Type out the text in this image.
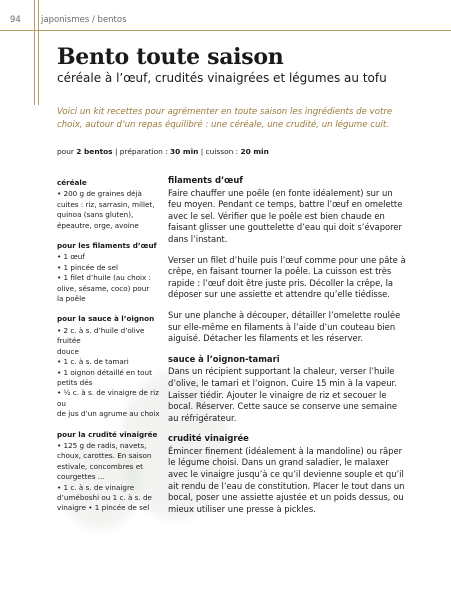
94 japonismes / bentos
Bento toute saison
céréale à l’œuf, crudités vinaigrées et légumes au tofu

Voici un kit recettes pour agrémenter en toute saison les ingrédients de votre choix, autour d’un repas équilibré : une céréale, une crudité, un légume cuit.

pour 2 bentos | préparation : 30 min | cuisson : 20 min
céréale
• 200 g de graines déjà
cuites : riz, sarrasin, millet,
quinoa (sans gluten),
épeautre, orge, avoine
pour les filaments d’œuf
• 1 œuf
• 1 pincée de sel
• 1 filet d’huile (au choix :
olive, sésame, coco) pour
la poêle
pour la sauce à l’oignon
• 2 c. à s. d’huile d’olive fruitée
douce
• 1 c. à s. de tamari
• 1 oignon détaillé en tout
petits dés
• ½ c. à s. de vinaigre de riz ou
de jus d’un agrume au choix
pour la crudité vinaigrée
• 125 g de radis, navets,
choux, carottes. En saison
estivale, concombres et
courgettes …
• 1 c. à s. de vinaigre
d’uméboshi ou 1 c. à s. de
vinaigre • 1 pincée de sel
filaments d’œuf

Faire chauffer une poêle (en fonte idéalement) sur un feu moyen. Pendant ce temps, battre l’œuf en omelette avec le sel. Vérifier que le poêle est bien chaude en faisant glisser une gouttelette d’eau qui doit s’évaporer dans l’instant.

Verser un filet d’huile puis l’œuf comme pour une pâte à crêpe, en faisant tourner la poêle. La cuisson est très rapide : l’œuf doit être juste pris. Décoller la crêpe, la déposer sur une assiette et attendre qu’elle tiédisse.

Sur une planche à découper, détailler l’omelette roulée sur elle-même en filaments à l’aide d’un couteau bien aiguisé. Détacher les filaments et les réserver.

sauce à l’oignon-tamari

Dans un récipient supportant la chaleur, verser l’huile d’olive, le tamari et l’oignon. Cuire 15 min à la vapeur. Laisser tiédir. Ajouter le vinaigre de riz et secouer le bocal. Réserver. Cette sauce se conserve une semaine au réfrigérateur.

crudité vinaigrée

Émincer finement (idéalement à la mandoline) ou râper le légume choisi. Dans un grand saladier, le malaxer avec le vinaigre jusqu’à ce qu’il devienne souple et qu’il ait rendu de l’eau de constitution. Placer le tout dans un bocal, poser une assiette ajustée et un poids dessus, ou mieux utiliser une presse à pickles.
